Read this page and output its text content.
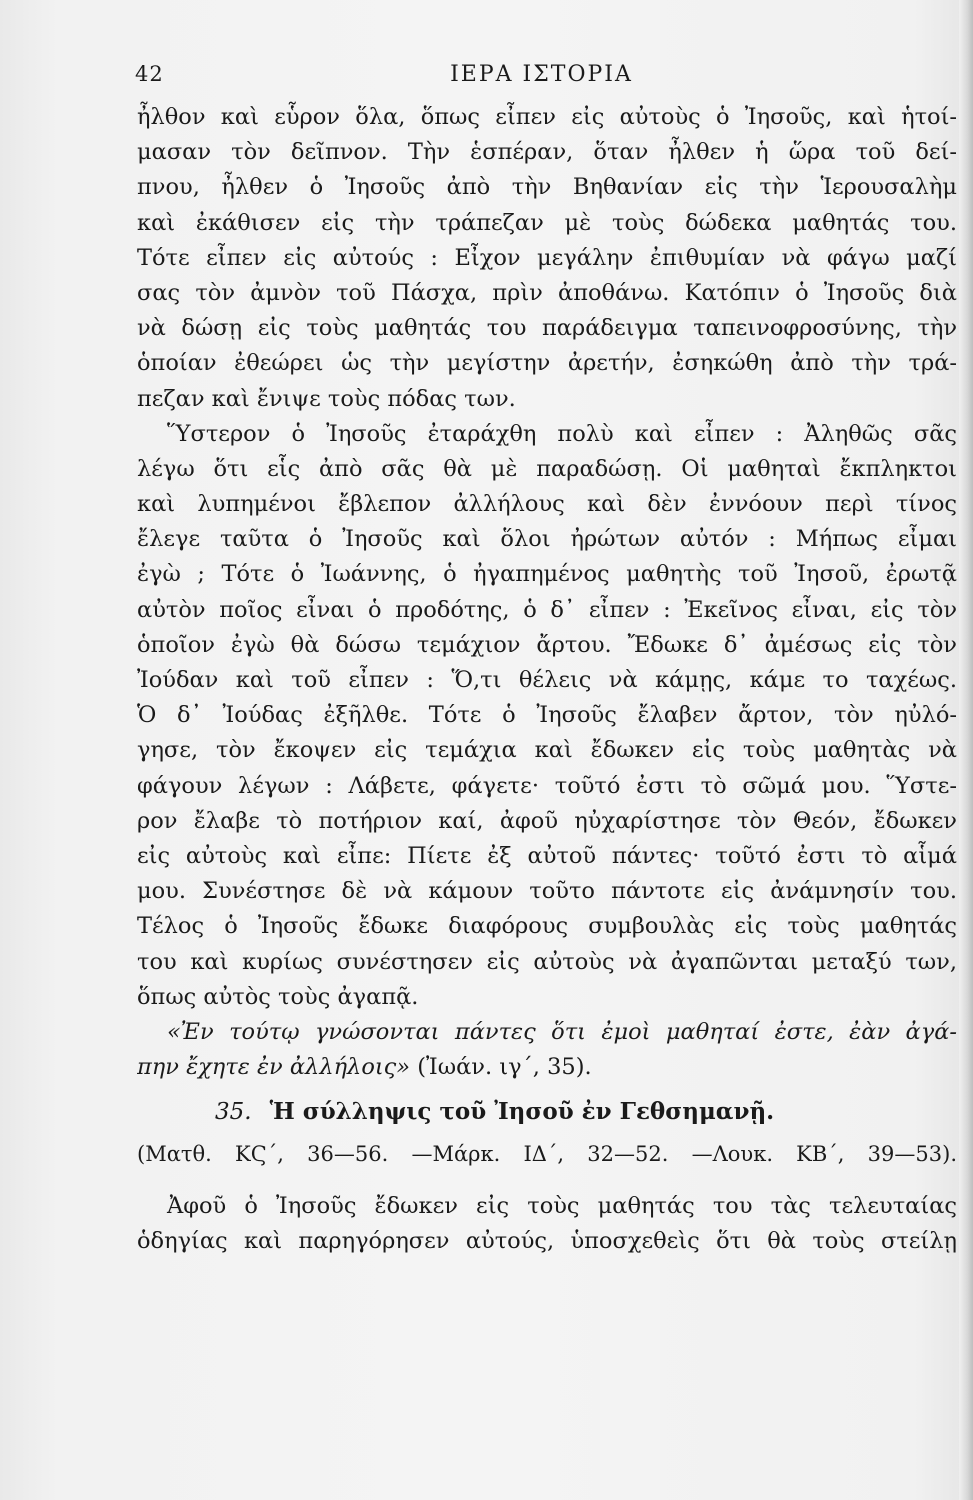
42	ΙΕΡΑ ΙΣΤΟΡΙΑ
ἦλθον καὶ εὗρον ὅλα, ὅπως εἶπεν εἰς αὐτοὺς ὁ Ἰησοῦς, καὶ ἡτοί-
μασαν τὸν δεῖπνον. Τὴν ἑσπέραν, ὅταν ἦλθεν ἡ ὥρα τοῦ δεί-
πνου, ἦλθεν ὁ Ἰησοῦς ἀπὸ τὴν Βηθανίαν εἰς τὴν Ἱερουσαλὴμ
καὶ ἐκάθισεν εἰς τὴν τράπεζαν μὲ τοὺς δώδεκα μαθητάς του.
Τότε εἶπεν εἰς αὐτούς : Εἶχον μεγάλην ἐπιθυμίαν νὰ φάγω μαζί
σας τὸν ἀμνὸν τοῦ Πάσχα, πρὶν ἀποθάνω. Κατόπιν ὁ Ἰησοῦς διὰ
νὰ δώσῃ εἰς τοὺς μαθητάς του παράδειγμα ταπεινοφροσύνης, τὴν
ὁποίαν ἐθεώρει ὡς τὴν μεγίστην ἀρετήν, ἐσηκώθη ἀπὸ τὴν τρά-
πεζαν καὶ ἔνιψε τοὺς πόδας των.
Ὕστερον ὁ Ἰησοῦς ἐταράχθη πολὺ καὶ εἶπεν : Ἀληθῶς σᾶς
λέγω ὅτι εἷς ἀπὸ σᾶς θὰ μὲ παραδώσῃ. Οἱ μαθηταὶ ἔκπληκτοι
καὶ λυπημένοι ἔβλεπον ἀλλήλους καὶ δὲν ἐννόουν περὶ τίνος
ἔλεγε ταῦτα ὁ Ἰησοῦς καὶ ὅλοι ἠρώτων αὐτόν : Μήπως εἶμαι
ἐγὼ ; Τότε ὁ Ἰωάννης, ὁ ἠγαπημένος μαθητὴς τοῦ Ἰησοῦ, ἐρωτᾷ
αὐτὸν ποῖος εἶναι ὁ προδότης, ὁ δ᾽ εἶπεν : Ἐκεῖνος εἶναι, εἰς τὸν
ὁποῖον ἐγὼ θὰ δώσω τεμάχιον ἄρτου. Ἔδωκε δ᾽ ἀμέσως εἰς τὸν
Ἰούδαν καὶ τοῦ εἶπεν : Ὅ,τι θέλεις νὰ κάμῃς, κάμε το ταχέως.
Ὁ δ᾽ Ἰούδας ἐξῆλθε. Τότε ὁ Ἰησοῦς ἔλαβεν ἄρτον, τὸν ηὐλό-
γησε, τὸν ἔκοψεν εἰς τεμάχια καὶ ἔδωκεν εἰς τοὺς μαθητὰς νὰ
φάγουν λέγων : Λάβετε, φάγετε· τοῦτό ἐστι τὸ σῶμά μου. Ὕστε-
ρον ἔλαβε τὸ ποτήριον καί, ἀφοῦ ηὐχαρίστησε τὸν Θεόν, ἔδωκεν
εἰς αὐτοὺς καὶ εἶπε: Πίετε ἐξ αὐτοῦ πάντες· τοῦτό ἐστι τὸ αἷμά
μου. Συνέστησε δὲ νὰ κάμουν τοῦτο πάντοτε εἰς ἀνάμνησίν του.
Τέλος ὁ Ἰησοῦς ἔδωκε διαφόρους συμβουλὰς εἰς τοὺς μαθητάς
του καὶ κυρίως συνέστησεν εἰς αὐτοὺς νὰ ἀγαπῶνται μεταξύ των,
ὅπως αὐτὸς τοὺς ἀγαπᾷ.
«Ἐν τούτῳ γνώσονται πάντες ὅτι ἐμοὶ μαθηταί ἐστε, ἐὰν ἀγά-
πην ἔχητε ἐν ἀλλήλοις» (Ἰωάν. ιγ´, 35).
35. Ἡ σύλληψις τοῦ Ἰησοῦ ἐν Γεθσημανῇ.
(Ματθ. ΚϚ´, 36—56. —Μάρκ. ΙΔ´, 32—52. —Λουκ. ΚΒ´, 39—53).
Ἀφοῦ ὁ Ἰησοῦς ἔδωκεν εἰς τοὺς μαθητάς του τὰς τελευταίας
ὁδηγίας καὶ παρηγόρησεν αὐτούς, ὑποσχεθεὶς ὅτι θὰ τοὺς στείλῃ
